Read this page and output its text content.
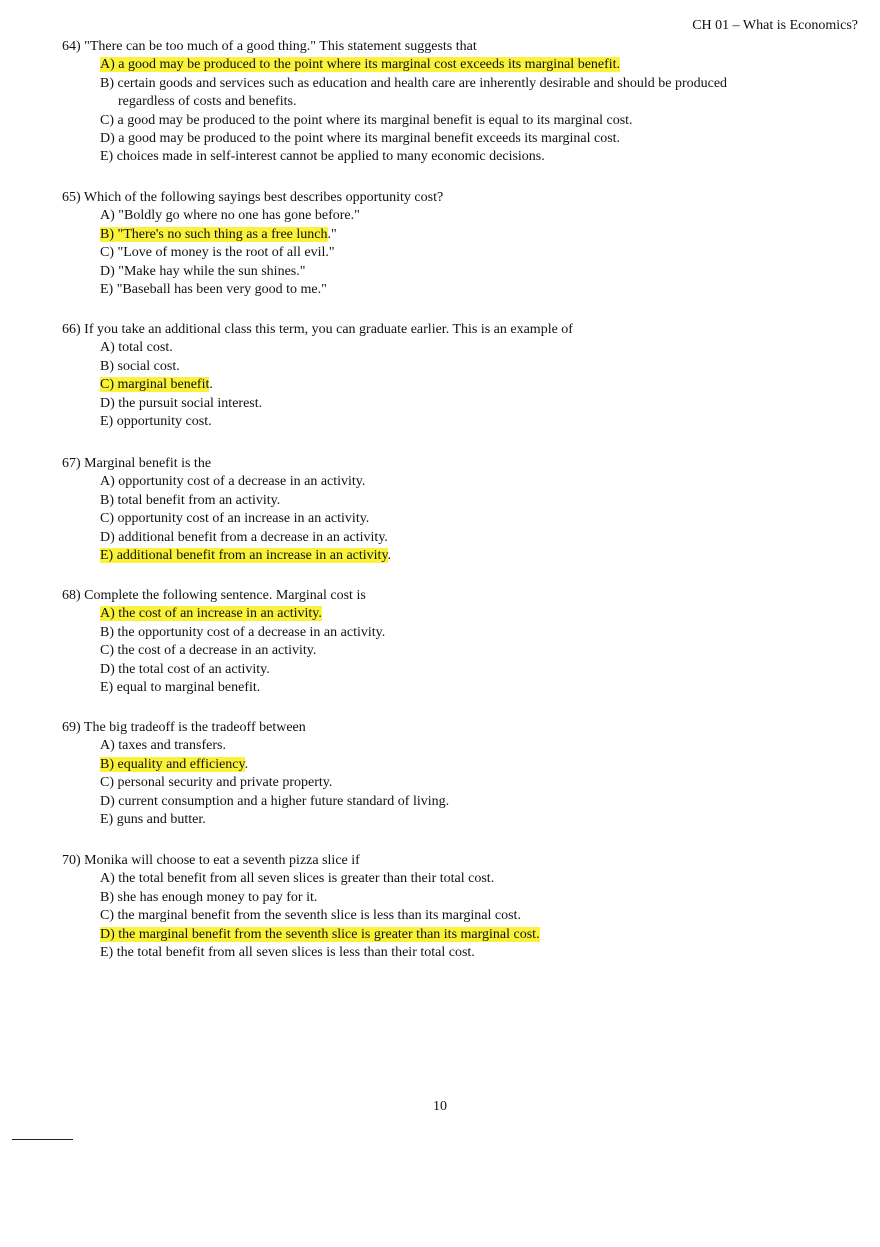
CH 01 – What is Economics?
64) "There can be too much of a good thing." This statement suggests that
A) a good may be produced to the point where its marginal cost exceeds its marginal benefit.
B) certain goods and services such as education and health care are inherently desirable and should be produced
regardless of costs and benefits.
C) a good may be produced to the point where its marginal benefit is equal to its marginal cost.
D) a good may be produced to the point where its marginal benefit exceeds its marginal cost.
E) choices made in self-interest cannot be applied to many economic decisions.
65) Which of the following sayings best describes opportunity cost?
A) "Boldly go where no one has gone before."
B) "There's no such thing as a free lunch."
C) "Love of money is the root of all evil."
D) "Make hay while the sun shines."
E) "Baseball has been very good to me."
66) If you take an additional class this term, you can graduate earlier. This is an example of
A) total cost.
B) social cost.
C) marginal benefit.
D) the pursuit social interest.
E) opportunity cost.
67) Marginal benefit is the
A) opportunity cost of a decrease in an activity.
B) total benefit from an activity.
C) opportunity cost of an increase in an activity.
D) additional benefit from a decrease in an activity.
E) additional benefit from an increase in an activity.
68) Complete the following sentence. Marginal cost is
A) the cost of an increase in an activity.
B) the opportunity cost of a decrease in an activity.
C) the cost of a decrease in an activity.
D) the total cost of an activity.
E) equal to marginal benefit.
69) The big tradeoff is the tradeoff between
A) taxes and transfers.
B) equality and efficiency.
C) personal security and private property.
D) current consumption and a higher future standard of living.
E) guns and butter.
70) Monika will choose to eat a seventh pizza slice if
A) the total benefit from all seven slices is greater than their total cost.
B) she has enough money to pay for it.
C) the marginal benefit from the seventh slice is less than its marginal cost.
D) the marginal benefit from the seventh slice is greater than its marginal cost.
E) the total benefit from all seven slices is less than their total cost.
10
